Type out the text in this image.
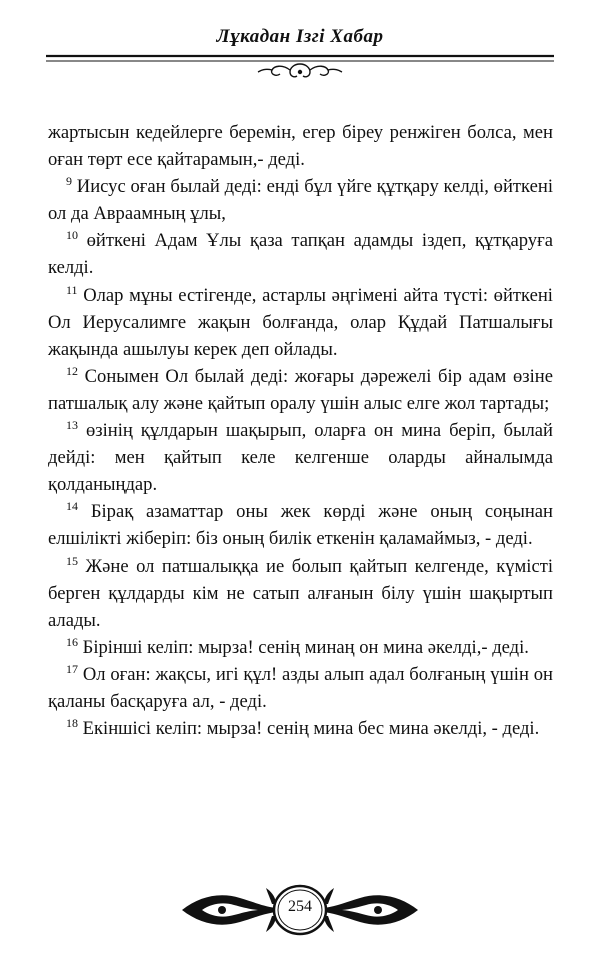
Лұкадан Ізгі Хабар

жартысын кедейлерге беремін, егер біреу ренжіген болса, мен оған төрт есе қайтарамын,- деді.

$^9$ Иисус оған былай деді: енді бұл үйге құтқару келді, өйткені ол да Авраамның ұлы,

$^{10}$ өйткені Адам Ұлы қаза тапқан адамды іздеп, құтқаруға келді.

$^{11}$ Олар мұны естігенде, астарлы әңгімені айта түсті: өйткені Ол Иерусалимге жақын болғанда, олар Құдай Патшалығы жақында ашылуы керек деп ойлады.

$^{12}$ Сонымен Ол былай деді: жоғары дәрежелі бір адам өзіне патшалық алу және қайтып оралу үшін алыс елге жол тартады;

$^{13}$ өзінің құлдарын шақырып, оларға он мина беріп, былай дейді: мен қайтып келе келгенше оларды айналымда қолданыңдар.

$^{14}$ Бірақ азаматтар оны жек көрді және оның соңынан елшілікті жіберіп: біз оның билік еткенін қаламаймыз, - деді.

$^{15}$ Және ол патшалыққа ие болып қайтып келгенде, күмісті берген құлдарды кім не сатып алғанын білу үшін шақыртып алады.

$^{16}$ Бірінші келіп: мырза! сенің минаң он мина әкелді,- деді.

$^{17}$ Ол оған: жақсы, игі құл! азды алып адал болғаның үшін он қаланы басқаруға ал, - деді.

$^{18}$ Екіншісі келіп: мырза! сенің мина бес мина әкелді, - деді.

254
